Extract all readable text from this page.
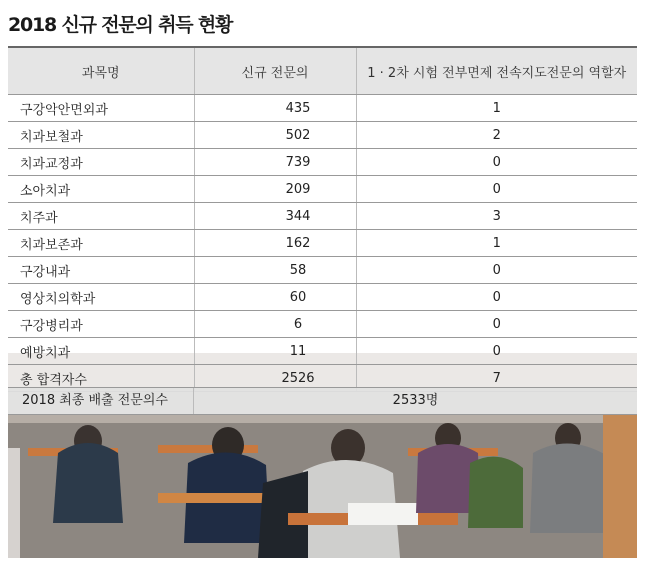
2018 신규 전문의 취득 현황
과목명	신규 전문의	1 · 2차 시험 전부면제 전속지도전문의 역할자
구강악안면외과	435	1
치과보철과	502	2
치과교정과	739	0
소아치과	209	0
치주과	344	3
치과보존과	162	1
구강내과	58	0
영상치의학과	60	0
구강병리과	6	0
예방치과	11	0
총 합격자수	2526	7
2018 최종 배출 전문의수	2533명
